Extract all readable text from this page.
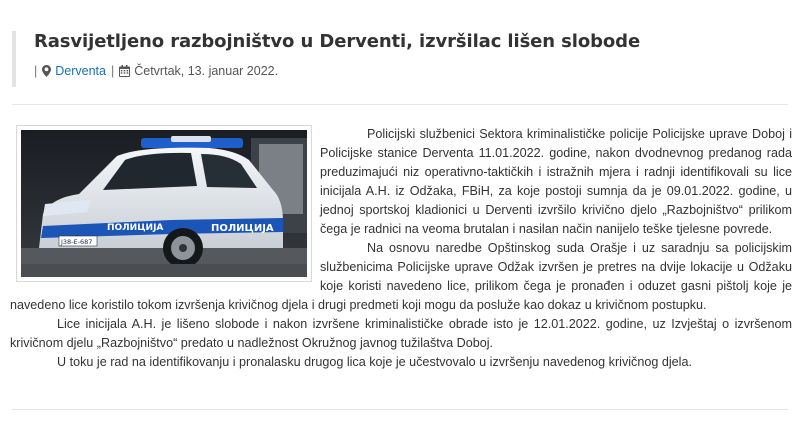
Rasvijetljeno razbojništvo u Derventi, izvršilac lišen slobode
| Derventa | Četvrtak, 13. januar 2022.
ПОЛИЦИЈА	ПОЛИЦИЈА
J38-E-687

Policijski službenici Sektora kriminalističke policije Policijske uprave Doboj i Policijske stanice Derventa 11.01.2022. godine, nakon dvodnevnog predanog rada preduzimajući niz operativno-taktičkih i istražnih mjera i radnji identifikovali su lice inicijala A.H. iz Odžaka, FBiH, za koje postoji sumnja da je 09.01.2022. godine, u jednoj sportskoj kladionici u Derventi izvršilo krivično djelo „Razbojništvo“ prilikom čega je radnici na veoma brutalan i nasilan način nanijelo teške tjelesne povrede.

Na osnovu naredbe Opštinskog suda Orašje i uz saradnju sa policijskim službenicima Policijske uprave Odžak izvršen je pretres na dvije lokacije u Odžaku koje koristi navedeno lice, prilikom čega je pronađen i oduzet gasni pištolj koje je navedeno lice koristilo tokom izvršenja krivičnog djela i drugi predmeti koji mogu da posluže kao dokaz u krivičnom postupku.

Lice inicijala A.H. je lišeno slobode i nakon izvršene kriminalističke obrade isto je 12.01.2022. godine, uz Izvještaj o izvršenom krivičnom djelu „Razbojništvo“ predato u nadležnost Okružnog javnog tužilaštva Doboj.

U toku je rad na identifikovanju i pronalasku drugog lica koje je učestvovalo u izvršenju navedenog krivičnog djela.
